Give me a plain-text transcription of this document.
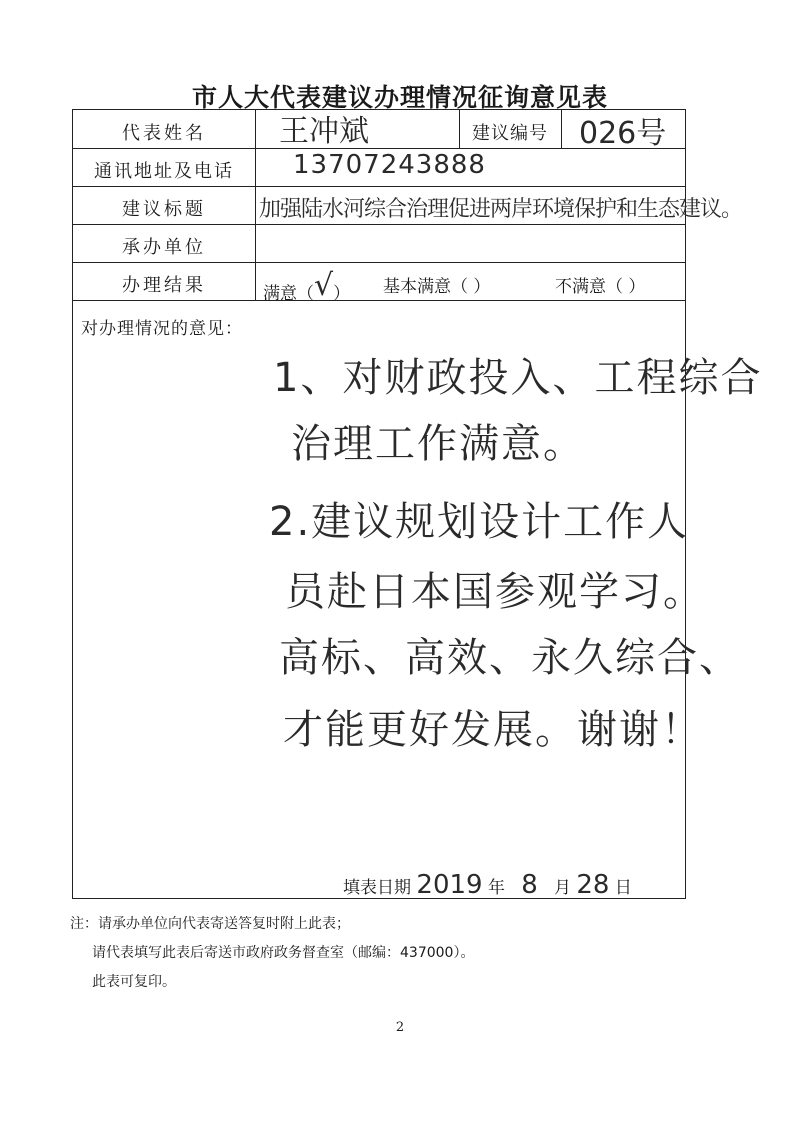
市人大代表建议办理情况征询意见表
代表姓名	王冲斌	建议编号	026号
通讯地址及电话	13707243888
建议标题	加强陆水河综合治理促进两岸环境保护和生态建议。
承办单位
办理结果	满意（√） 基本满意（ ）	不满意（ ）
对办理情况的意见：
1、对财政投入、工程综合
治理工作满意。
2.建议规划设计工作人
员赴日本国参观学习。
高标、高效、永久综合、
才能更好发展。谢谢！
填表日期 2019 年 8 月 28 日
注：请承办单位向代表寄送答复时附上此表；
请代表填写此表后寄送市政府政务督查室（邮编：437000）。
此表可复印。
2
